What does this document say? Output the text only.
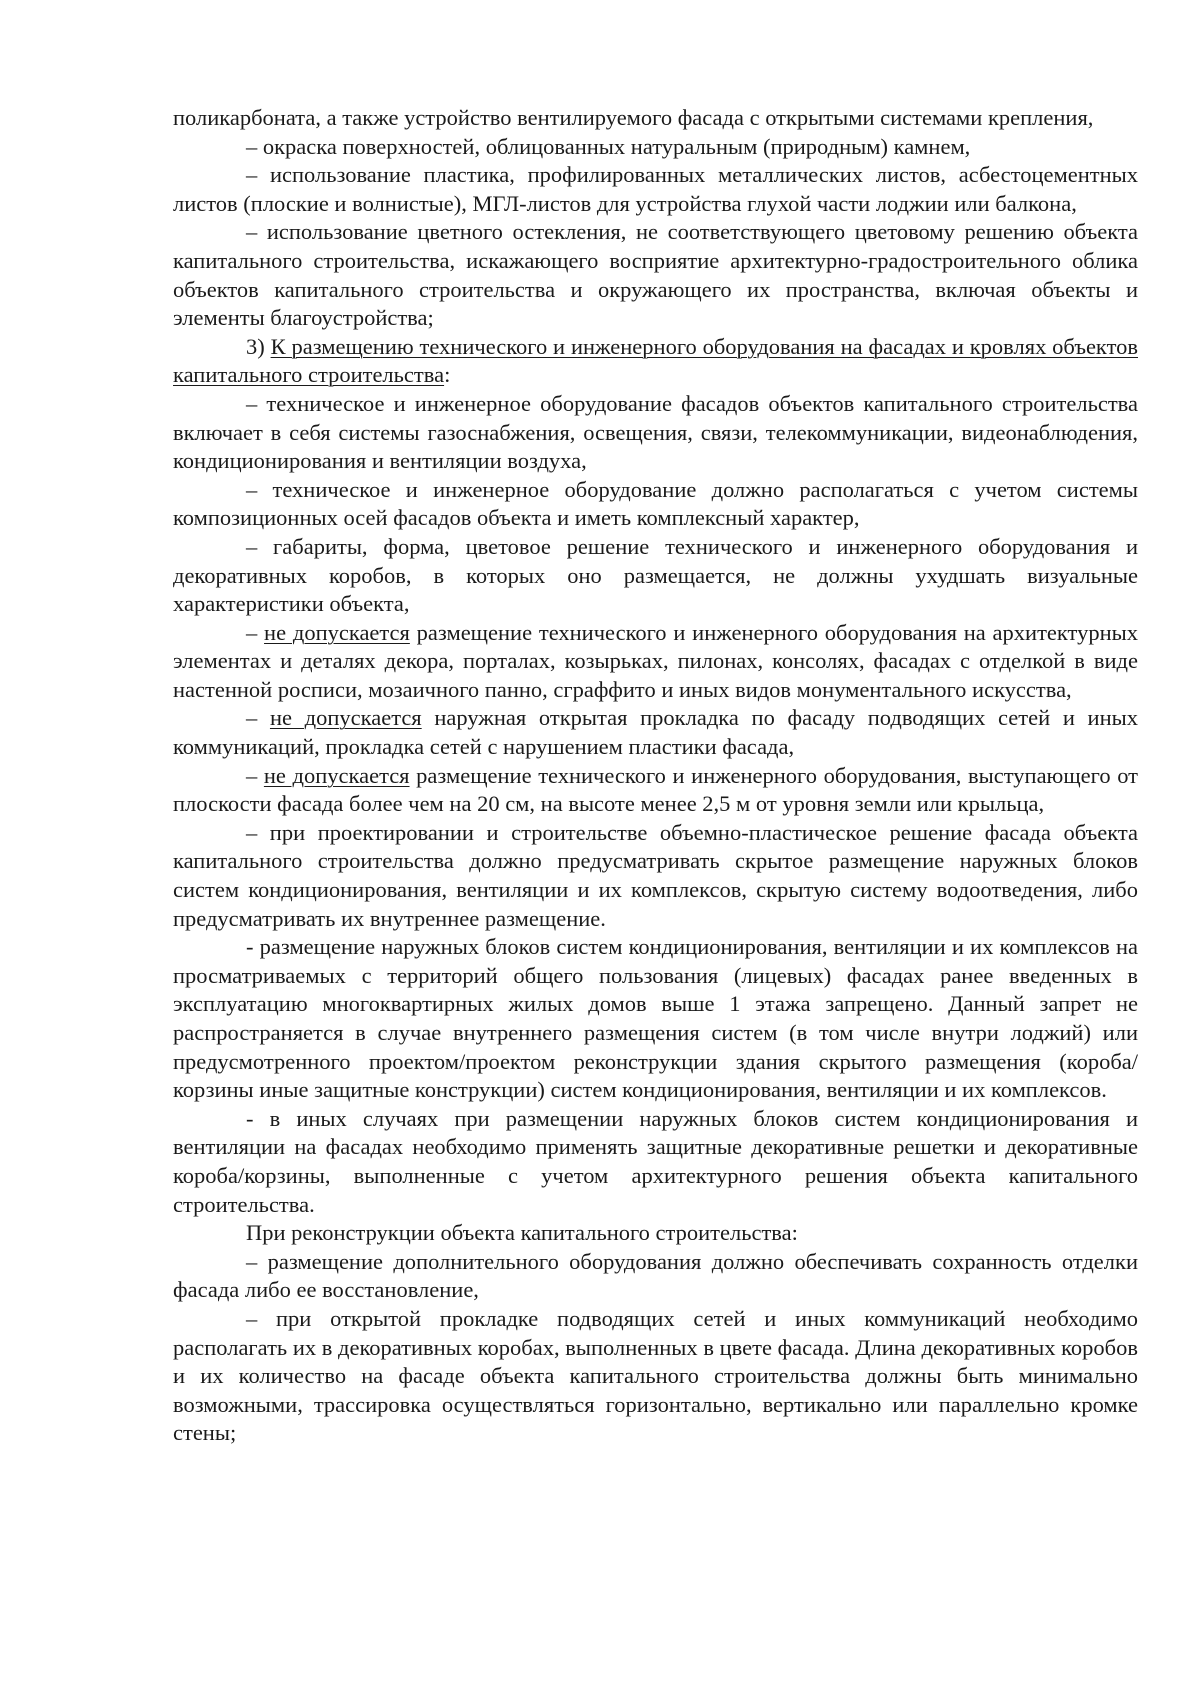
поликарбоната, а также устройство вентилируемого фасада с открытыми системами крепления,

– окраска поверхностей, облицованных натуральным (природным) камнем,

– использование пластика, профилированных металлических листов, асбестоцементных листов (плоские и волнистые), МГЛ-листов для устройства глухой части лоджии или балкона,

– использование цветного остекления, не соответствующего цветовому решению объекта капитального строительства, искажающего восприятие архитектурно-градостроительного облика объектов капитального строительства и окружающего их пространства, включая объекты и элементы благоустройства;

3) К размещению технического и инженерного оборудования на фасадах и кровлях объектов капитального строительства:

– техническое и инженерное оборудование фасадов объектов капитального строительства включает в себя системы газоснабжения, освещения, связи, телекоммуникации, видеонаблюдения, кондиционирования и вентиляции воздуха,

– техническое и инженерное оборудование должно располагаться с учетом системы композиционных осей фасадов объекта и иметь комплексный характер,

– габариты, форма, цветовое решение технического и инженерного оборудования и декоративных коробов, в которых оно размещается, не должны ухудшать визуальные характеристики объекта,

– не допускается размещение технического и инженерного оборудования на архитектурных элементах и деталях декора, порталах, козырьках, пилонах, консолях, фасадах с отделкой в виде настенной росписи, мозаичного панно, сграффито и иных видов монументального искусства,

– не допускается наружная открытая прокладка по фасаду подводящих сетей и иных коммуникаций, прокладка сетей с нарушением пластики фасада,

– не допускается размещение технического и инженерного оборудования, выступающего от плоскости фасада более чем на 20 см, на высоте менее 2,5 м от уровня земли или крыльца,

– при проектировании и строительстве объемно-пластическое решение фасада объекта капитального строительства должно предусматривать скрытое размещение наружных блоков систем кондиционирования, вентиляции и их комплексов, скрытую систему водоотведения, либо предусматривать их внутреннее размещение.

- размещение наружных блоков систем кондиционирования, вентиляции и их комплексов на просматриваемых с территорий общего пользования (лицевых) фасадах ранее введенных в эксплуатацию многоквартирных жилых домов выше 1 этажа запрещено. Данный запрет не распространяется в случае внутреннего размещения систем (в том числе внутри лоджий) или предусмотренного проектом/проектом реконструкции здания скрытого размещения (короба/корзины иные защитные конструкции) систем кондиционирования, вентиляции и их комплексов.

- в иных случаях при размещении наружных блоков систем кондиционирования и вентиляции на фасадах необходимо применять защитные декоративные решетки и декоративные короба/корзины, выполненные с учетом архитектурного решения объекта капитального строительства.

При реконструкции объекта капитального строительства:

– размещение дополнительного оборудования должно обеспечивать сохранность отделки фасада либо ее восстановление,

– при открытой прокладке подводящих сетей и иных коммуникаций необходимо располагать их в декоративных коробах, выполненных в цвете фасада. Длина декоративных коробов и их количество на фасаде объекта капитального строительства должны быть минимально возможными, трассировка осуществляться горизонтально, вертикально или параллельно кромке стены;
